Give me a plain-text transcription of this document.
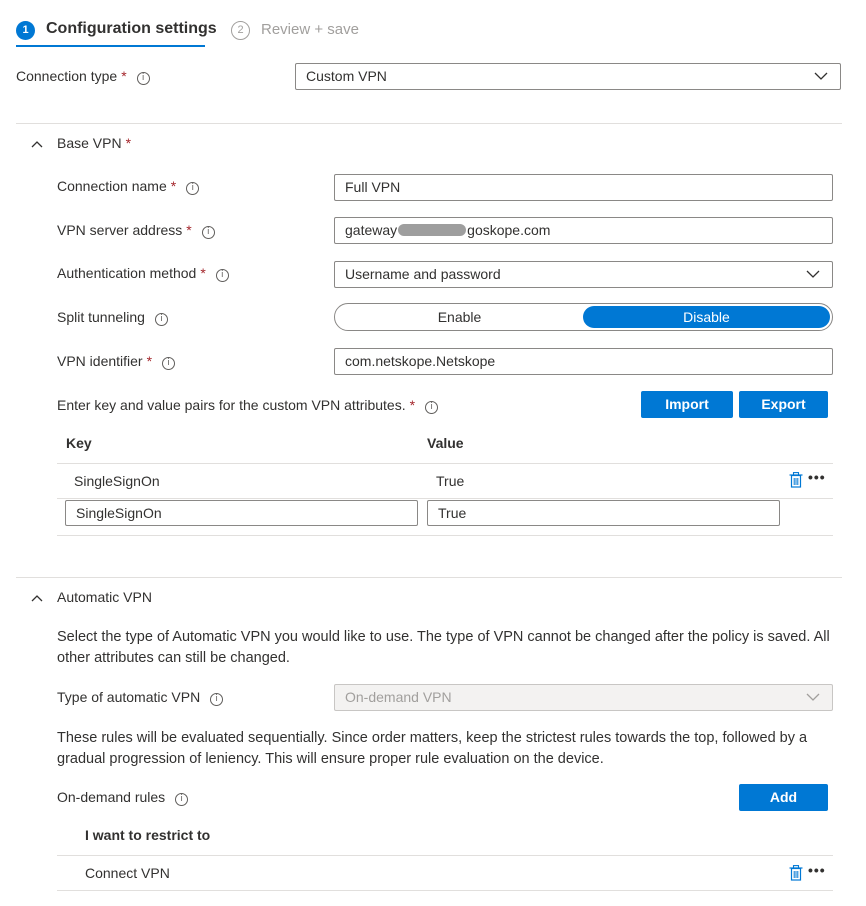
1	Configuration settings	2	Review + save
Connection type * i	Custom VPN
Base VPN *
Connection name * i	Full VPN
VPN server address * i	gateway	goskope.com
Authentication method * i	Username and password
Split tunneling i	Enable	Disable
VPN identifier * i	com.netskope.Netskope
Enter key and value pairs for the custom VPN attributes. * i	Import	Export
Key	Value
SingleSignOn	True	•••
SingleSignOn	True
Automatic VPN
Select the type of Automatic VPN you would like to use. The type of VPN cannot be changed after the policy is saved. All other attributes can still be changed.
Type of automatic VPN i	On-demand VPN
These rules will be evaluated sequentially. Since order matters, keep the strictest rules towards the top, followed by a gradual progression of leniency. This will ensure proper rule evaluation on the device.
On-demand rules i	Add
I want to restrict to
Connect VPN	•••
